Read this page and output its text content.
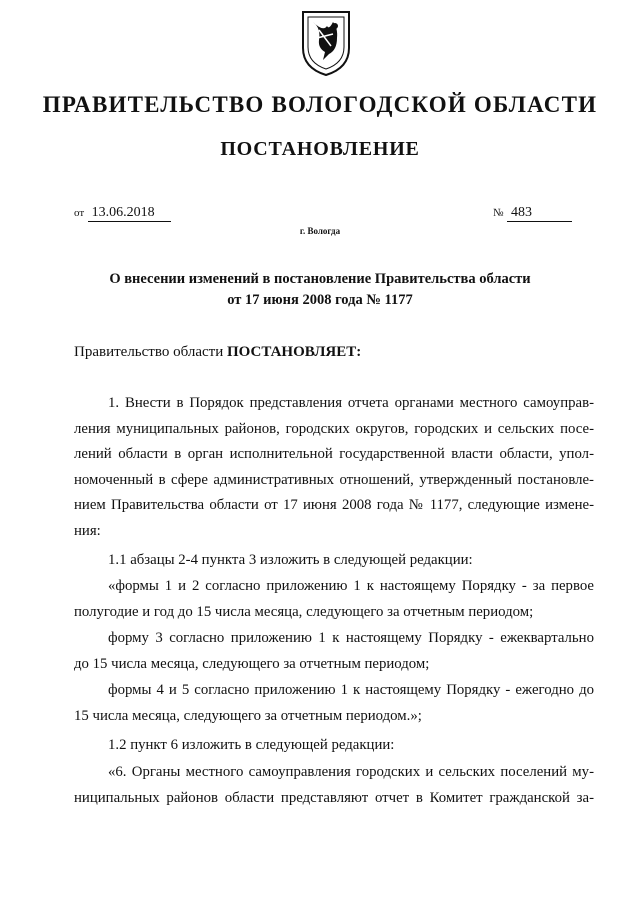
ПРАВИТЕЛЬСТВО ВОЛОГОДСКОЙ ОБЛАСТИ
ПОСТАНОВЛЕНИЕ
от 13.06.2018	№ 483
г. Вологда
О внесении изменений в постановление Правительства области
от 17 июня 2008 года № 1177
Правительство области ПОСТАНОВЛЯЕТ:
1. Внести в Порядок представления отчета органами местного самоуправ-
ления муниципальных районов, городских округов, городских и сельских посе-
лений области в орган исполнительной государственной власти области, упол-
номоченный в сфере административных отношений, утвержденный постановле-
нием Правительства области от 17 июня 2008 года № 1177, следующие измене-
ния:
1.1 абзацы 2-4 пункта 3 изложить в следующей редакции:
«формы 1 и 2 согласно приложению 1 к настоящему Порядку - за первое
полугодие и год до 15 числа месяца, следующего за отчетным периодом;
форму 3 согласно приложению 1 к настоящему Порядку - ежеквартально
до 15 числа месяца, следующего за отчетным периодом;
формы 4 и 5 согласно приложению 1 к настоящему Порядку - ежегодно до
15 числа месяца, следующего за отчетным периодом.»;
1.2 пункт 6 изложить в следующей редакции:
«6. Органы местного самоуправления городских и сельских поселений му-
ниципальных районов области представляют отчет в Комитет гражданской за-
